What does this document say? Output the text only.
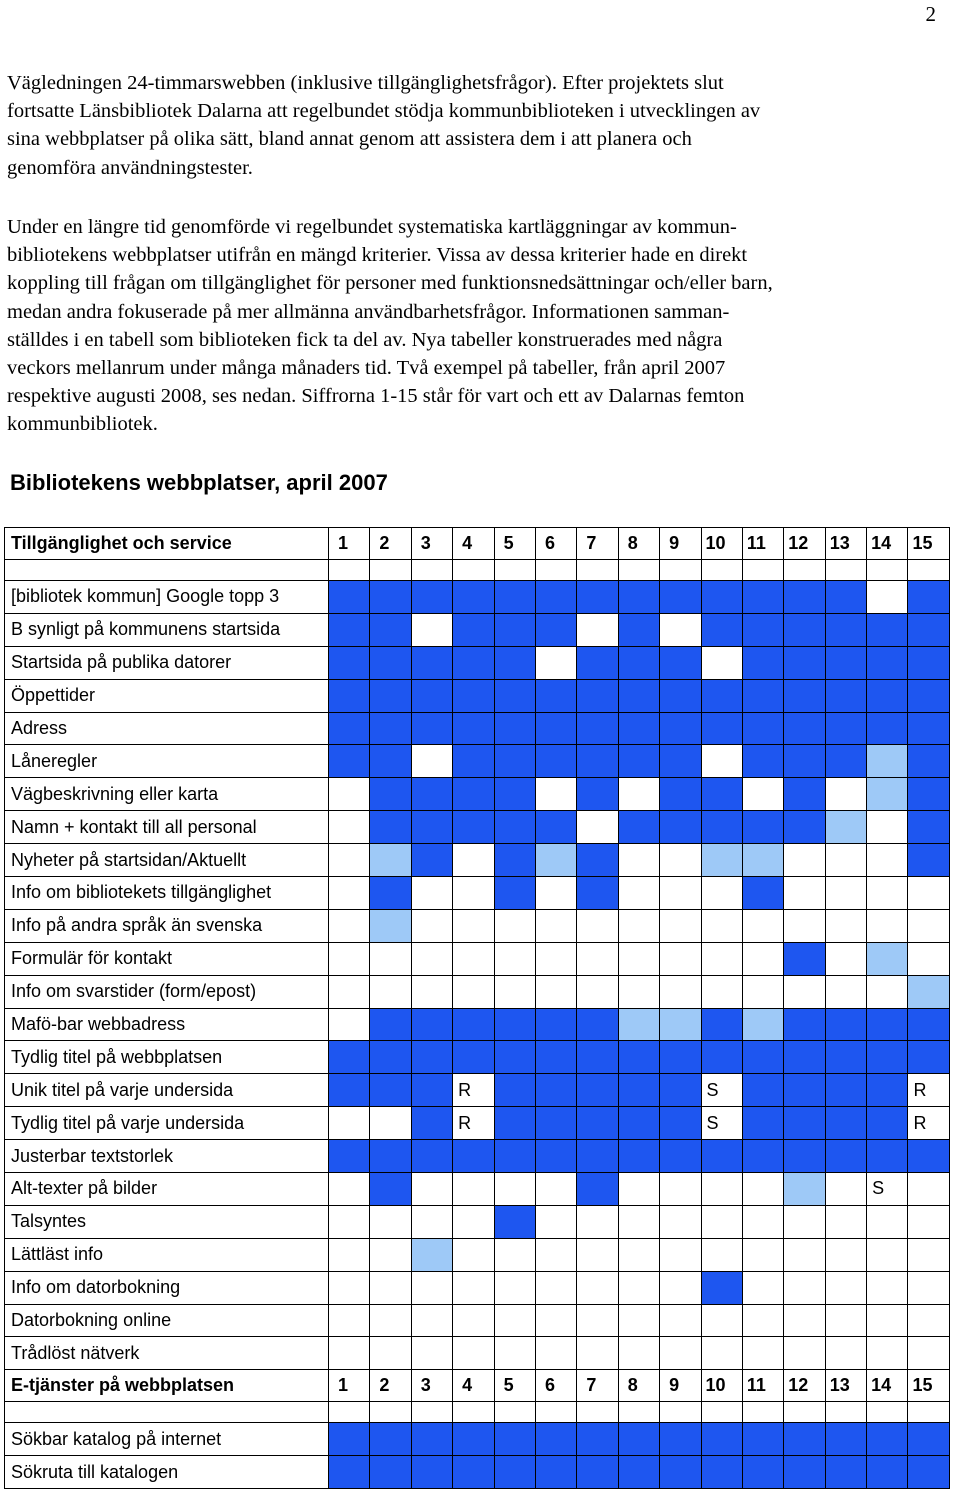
2
Vägledningen 24-timmarswebben (inklusive tillgänglighetsfrågor). Efter projektets slut
fortsatte Länsbibliotek Dalarna att regelbundet stödja kommunbiblioteken i utvecklingen av
sina webbplatser på olika sätt, bland annat genom att assistera dem i att planera och
genomföra användningstester.
Under en längre tid genomförde vi regelbundet systematiska kartläggningar av kommun-
bibliotekens webbplatser utifrån en mängd kriterier. Vissa av dessa kriterier hade en direkt
koppling till frågan om tillgänglighet för personer med funktionsnedsättningar och/eller barn,
medan andra fokuserade på mer allmänna användbarhetsfrågor. Informationen samman-
ställdes i en tabell som biblioteken fick ta del av. Nya tabeller konstruerades med några
veckors mellanrum under många månaders tid. Två exempel på tabeller, från april 2007
respektive augusti 2008, ses nedan. Siffrorna 1-15 står för vart och ett av Dalarnas femton
kommunbibliotek.
Bibliotekens webbplatser, april 2007
Tillgänglighet och service	1	2	3	4	5	6	7	8	9	10	11	12	13	14	15

[bibliotek kommun] Google topp 3															
B synligt på kommunens startsida															
Startsida på publika datorer															
Öppettider															
Adress															
Låneregler															
Vägbeskrivning eller karta															
Namn + kontakt till all personal															
Nyheter på startsidan/Aktuellt															
Info om bibliotekets tillgänglighet															
Info på andra språk än svenska															
Formulär för kontakt															
Info om svarstider (form/epost)															
Mafö-bar webbadress															
Tydlig titel på webbplatsen															
Unik titel på varje undersida				R						S					R
Tydlig titel på varje undersida				R						S					R
Justerbar textstorlek															
Alt-texter på bilder														S	
Talsyntes															
Lättläst info															
Info om datorbokning															
Datorbokning online															
Trådlöst nätverk															
E-tjänster på webbplatsen	1	2	3	4	5	6	7	8	9	10	11	12	13	14	15

Sökbar katalog på internet															
Sökruta till katalogen															
